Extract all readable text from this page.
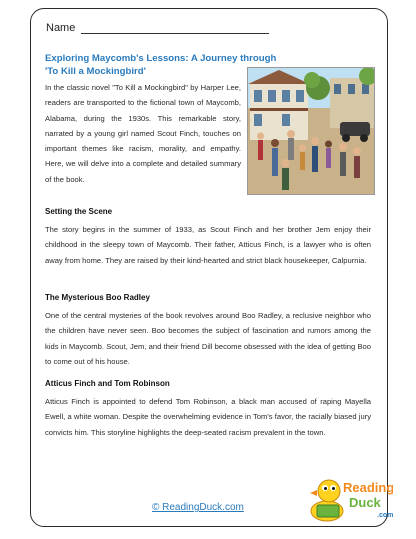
Name
Exploring Maycomb's Lessons: A Journey through 'To Kill a Mockingbird'
In the classic novel "To Kill a Mockingbird" by Harper Lee, readers are transported to the fictional town of Maycomb, Alabama, during the 1930s. This remarkable story, narrated by a young girl named Scout Finch, touches on important themes like racism, morality, and empathy. Here, we will delve into a complete and detailed summary of the book.
Setting the Scene
The story begins in the summer of 1933, as Scout Finch and her brother Jem enjoy their childhood in the sleepy town of Maycomb. Their father, Atticus Finch, is a lawyer who is often away from home. They are raised by their kind-hearted and strict black housekeeper, Calpurnia.
The Mysterious Boo Radley
One of the central mysteries of the book revolves around Boo Radley, a reclusive neighbor who the children have never seen. Boo becomes the subject of fascination and rumors among the kids in Maycomb. Scout, Jem, and their friend Dill become obsessed with the idea of getting Boo to come out of his house.
Atticus Finch and Tom Robinson
Atticus Finch is appointed to defend Tom Robinson, a black man accused of raping Mayella Ewell, a white woman. Despite the overwhelming evidence in Tom's favor, the racially biased jury convicts him. This storyline highlights the deep-seated racism prevalent in the town.
© ReadingDuck.com
Reading
Duck
.com
